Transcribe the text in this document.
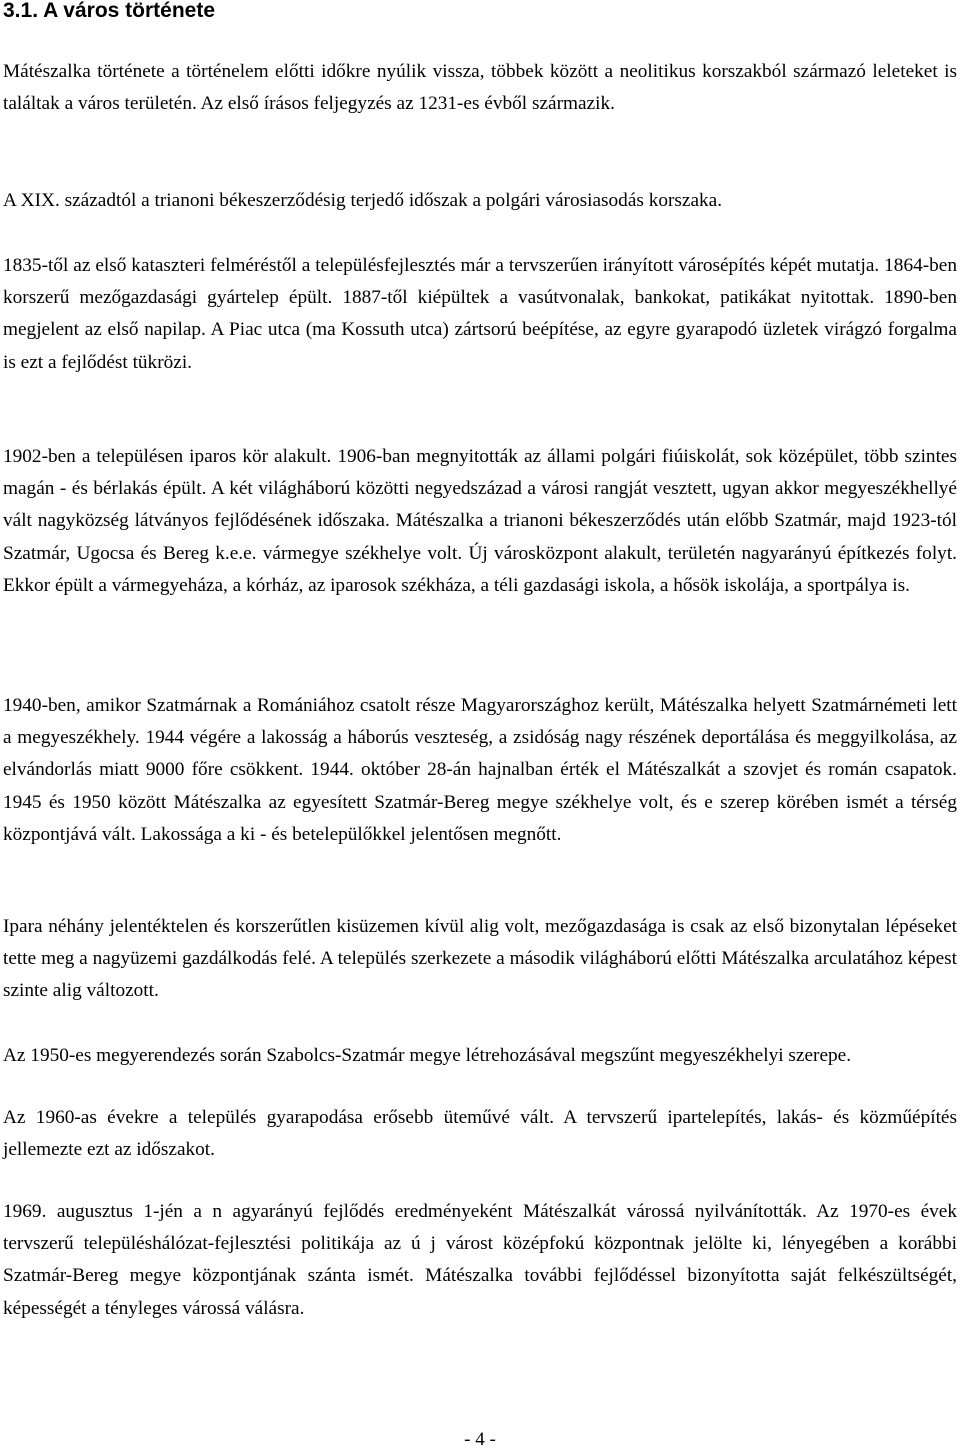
3.1. A város története

Mátészalka története a történelem előtti időkre nyúlik vissza, többek között a neolitikus korszakból származó leleteket is találtak a város területén. Az első írásos feljegyzés az 1231-es évből származik.

A XIX. századtól a trianoni békeszerződésig terjedő időszak a polgári városiasodás korszaka.

1835-től az első kataszteri felméréstől a településfejlesztés már a tervszerűen irányított városépítés képét mutatja. 1864-ben korszerű mezőgazdasági gyártelep épült. 1887-től kiépültek a vasútvonalak, bankokat, patikákat nyitottak. 1890-ben megjelent az első napilap. A Piac utca (ma Kossuth utca) zártsorú beépítése, az egyre gyarapodó üzletek virágzó forgalma is ezt a fejlődést tükrözi.

1902-ben a településen iparos kör alakult. 1906-ban megnyitották az állami polgári fiúiskolát, sok középület, több szintes magán - és bérlakás épült. A két világháború közötti negyedszázad a városi rangját vesztett, ugyan akkor megyeszékhellyé vált nagyközség látványos fejlődésének időszaka. Mátészalka a trianoni békeszerződés után előbb Szatmár, majd 1923-tól Szatmár, Ugocsa és Bereg k.e.e. vármegye székhelye volt. Új városközpont alakult, területén nagyarányú építkezés folyt. Ekkor épült a vármegyeháza, a kórház, az iparosok székháza, a téli gazdasági iskola, a hősök iskolája, a sportpálya is.

1940-ben, amikor Szatmárnak a Romániához csatolt része Magyarországhoz került, Mátészalka helyett Szatmárnémeti lett a megyeszékhely. 1944 végére a lakosság a háborús veszteség, a zsidóság nagy részének deportálása és meggyilkolása, az elvándorlás miatt 9000 főre csökkent. 1944. október 28-án hajnalban érték el Mátészalkát a szovjet és román csapatok. 1945 és 1950 között Mátészalka az egyesített Szatmár-Bereg megye székhelye volt, és e szerep körében ismét a térség központjává vált. Lakossága a ki - és betelepülőkkel jelentősen megnőtt.

Ipara néhány jelentéktelen és korszerűtlen kisüzemen kívül alig volt, mezőgazdasága is csak az első bizonytalan lépéseket tette meg a nagyüzemi gazdálkodás felé. A település szerkezete a második világháború előtti Mátészalka arculatához képest szinte alig változott.

Az 1950-es megyerendezés során Szabolcs-Szatmár megye létrehozásával megszűnt megyeszékhelyi szerepe.

Az 1960-as évekre a település gyarapodása erősebb üteművé vált. A tervszerű ipartelepítés, lakás- és közműépítés jellemezte ezt az időszakot.

1969. augusztus 1-jén a n agyarányú fejlődés eredményeként Mátészalkát várossá nyilvánították. Az 1970-es évek tervszerű településhálózat-fejlesztési politikája az ú j várost középfokú központnak jelölte ki, lényegében a korábbi Szatmár-Bereg megye központjának szánta ismét. Mátészalka további fejlődéssel bizonyította saját felkészültségét, képességét a tényleges várossá válásra.

- 4 -
